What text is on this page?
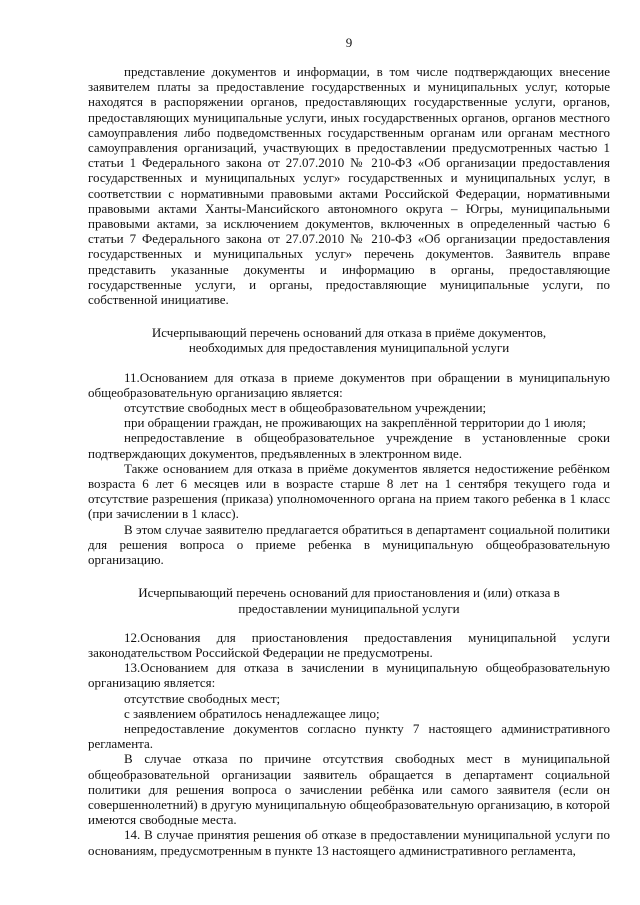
9

представление документов и информации, в том числе подтверждающих внесение заявителем платы за предоставление государственных и муниципальных услуг, которые находятся в распоряжении органов, предоставляющих государственные услуги, органов, предоставляющих муниципальные услуги, иных государственных органов, органов местного самоуправления либо подведомственных государственным органам или органам местного самоуправления организаций, участвующих в предоставлении предусмотренных частью 1 статьи 1 Федерального закона от 27.07.2010 № 210-ФЗ «Об организации предоставления государственных и муниципальных услуг» государственных и муниципальных услуг, в соответствии с нормативными правовыми актами Российской Федерации, нормативными правовыми актами Ханты-Мансийского автономного округа – Югры, муниципальными правовыми актами, за исключением документов, включенных в определенный частью 6 статьи 7 Федерального закона от 27.07.2010 № 210-ФЗ «Об организации предоставления государственных и муниципальных услуг» перечень документов. Заявитель вправе представить указанные документы и информацию в органы, предоставляющие государственные услуги, и органы, предоставляющие муниципальные услуги, по собственной инициативе.

Исчерпывающий перечень оснований для отказа в приёме документов,
необходимых для предоставления муниципальной услуги

11.Основанием для отказа в приеме документов при обращении в муниципальную общеобразовательную организацию является:

отсутствие свободных мест в общеобразовательном учреждении;

при обращении граждан, не проживающих на закреплённой территории до 1 июля;

непредоставление в общеобразовательное учреждение в установленные сроки подтверждающих документов, предъявленных в электронном виде.

Также основанием для отказа в приёме документов является недостижение ребёнком возраста 6 лет 6 месяцев или в возрасте старше 8 лет на 1 сентября текущего года и отсутствие разрешения (приказа) уполномоченного органа на прием такого ребенка в 1 класс (при зачислении в 1 класс).

В этом случае заявителю предлагается обратиться в департамент социальной политики для решения вопроса о приеме ребенка в муниципальную общеобразовательную организацию.

Исчерпывающий перечень оснований для приостановления и (или) отказа в
предоставлении муниципальной услуги

12.Основания для приостановления предоставления муниципальной услуги законодательством Российской Федерации не предусмотрены.

13.Основанием для отказа в зачислении в муниципальную общеобразовательную организацию является:

отсутствие свободных мест;

с заявлением обратилось ненадлежащее лицо;

непредоставление документов согласно пункту 7 настоящего административного регламента.

В случае отказа по причине отсутствия свободных мест в муниципальной общеобразовательной организации заявитель обращается в департамент социальной политики для решения вопроса о зачислении ребёнка или самого заявителя (если он совершеннолетний) в другую муниципальную общеобразовательную организацию, в которой имеются свободные места.

14. В случае принятия решения об отказе в предоставлении муниципальной услуги по основаниям, предусмотренным в пункте 13 настоящего административного регламента,
